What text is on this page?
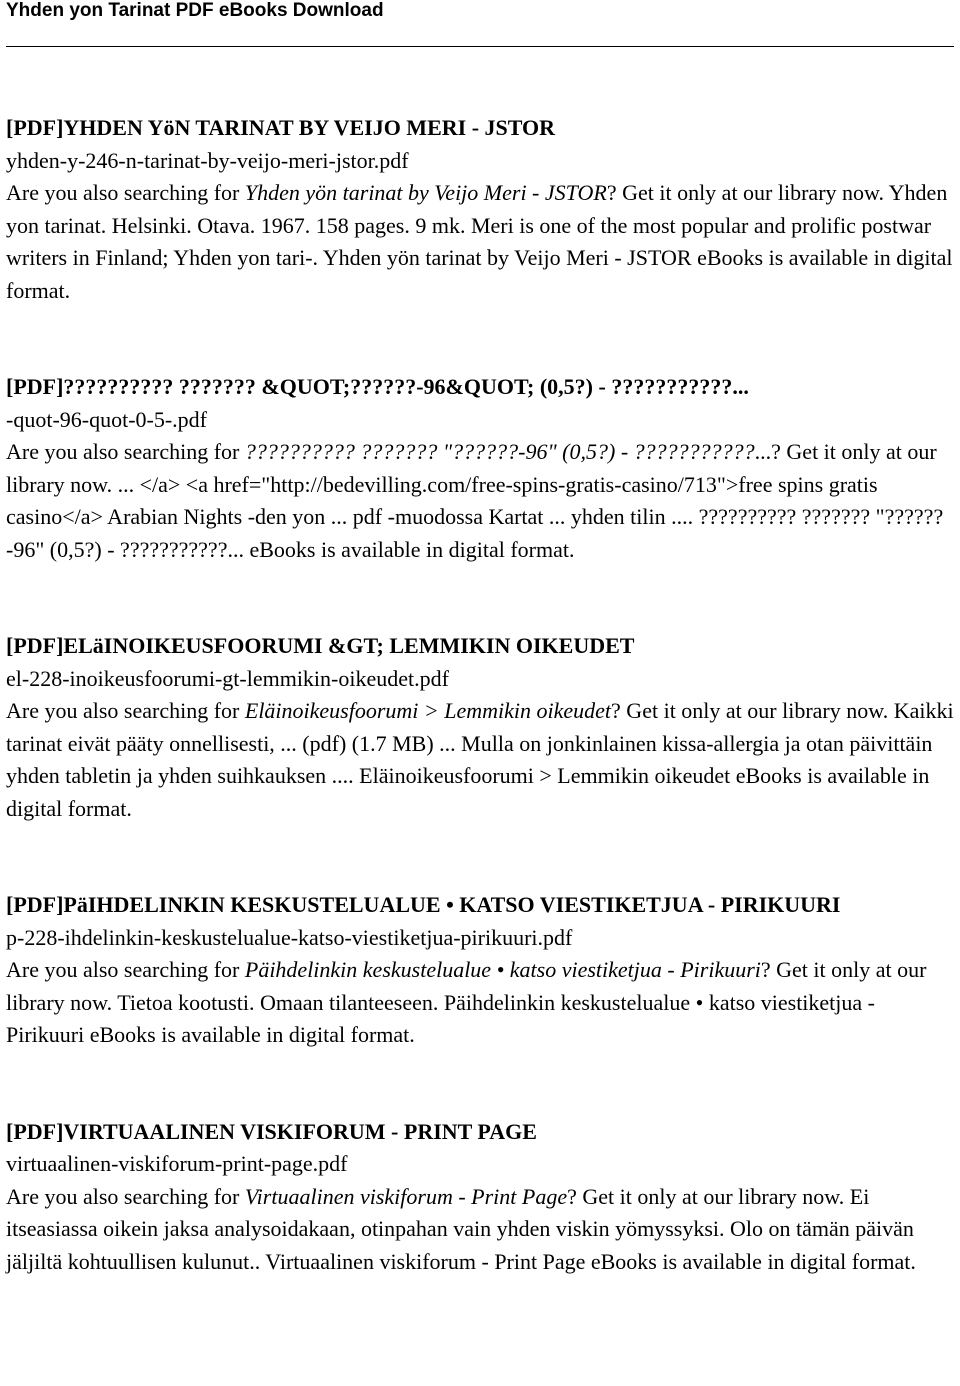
Yhden yon Tarinat PDF eBooks Download
[PDF]YHDEN YöN TARINAT BY VEIJO MERI - JSTOR
yhden-y-246-n-tarinat-by-veijo-meri-jstor.pdf
Are you also searching for Yhden yön tarinat by Veijo Meri - JSTOR? Get it only at our library now. Yhden yon tarinat. Helsinki. Otava. 1967. 158 pages. 9 mk. Meri is one of the most popular and prolific postwar writers in Finland; Yhden yon tari-. Yhden yön tarinat by Veijo Meri - JSTOR eBooks is available in digital format.
[PDF]?????????? ??????? &QUOT;??????-96&QUOT; (0,5?) - ???????????...
-quot-96-quot-0-5-.pdf
Are you also searching for ?????????? ??????? "??????-96" (0,5?) - ???????????...? Get it only at our library now. ... </a> <a href="http://bedevilling.com/free-spins-gratis-casino/713">free spins gratis casino</a> Arabian Nights -den yon ... pdf -muodossa Kartat ... yhden tilin .... ?????????? ??????? "??????-96" (0,5?) - ???????????... eBooks is available in digital format.
[PDF]ELäINOIKEUSFOORUMI &GT; LEMMIKIN OIKEUDET
el-228-inoikeusfoorumi-gt-lemmikin-oikeudet.pdf
Are you also searching for Eläinoikeusfoorumi > Lemmikin oikeudet? Get it only at our library now. Kaikki tarinat eivät pääty onnellisesti, ... (pdf) (1.7 MB) ... Mulla on jonkinlainen kissa-allergia ja otan päivittäin yhden tabletin ja yhden suihkauksen .... Eläinoikeusfoorumi > Lemmikin oikeudet eBooks is available in digital format.
[PDF]PäIHDELINKIN KESKUSTELUALUE • KATSO VIESTIKETJUA - PIRIKUURI
p-228-ihdelinkin-keskustelualue-katso-viestiketjua-pirikuuri.pdf
Are you also searching for Päihdelinkin keskustelualue • katso viestiketjua - Pirikuuri? Get it only at our library now. Tietoa kootusti. Omaan tilanteeseen. Päihdelinkin keskustelualue • katso viestiketjua - Pirikuuri eBooks is available in digital format.
[PDF]VIRTUAALINEN VISKIFORUM - PRINT PAGE
virtuaalinen-viskiforum-print-page.pdf
Are you also searching for Virtuaalinen viskiforum - Print Page? Get it only at our library now. Ei itseasiassa oikein jaksa analysoidakaan, otinpahan vain yhden viskin yömyssyksi. Olo on tämän päivän jäljiltä kohtuullisen kulunut.. Virtuaalinen viskiforum - Print Page eBooks is available in digital format.
